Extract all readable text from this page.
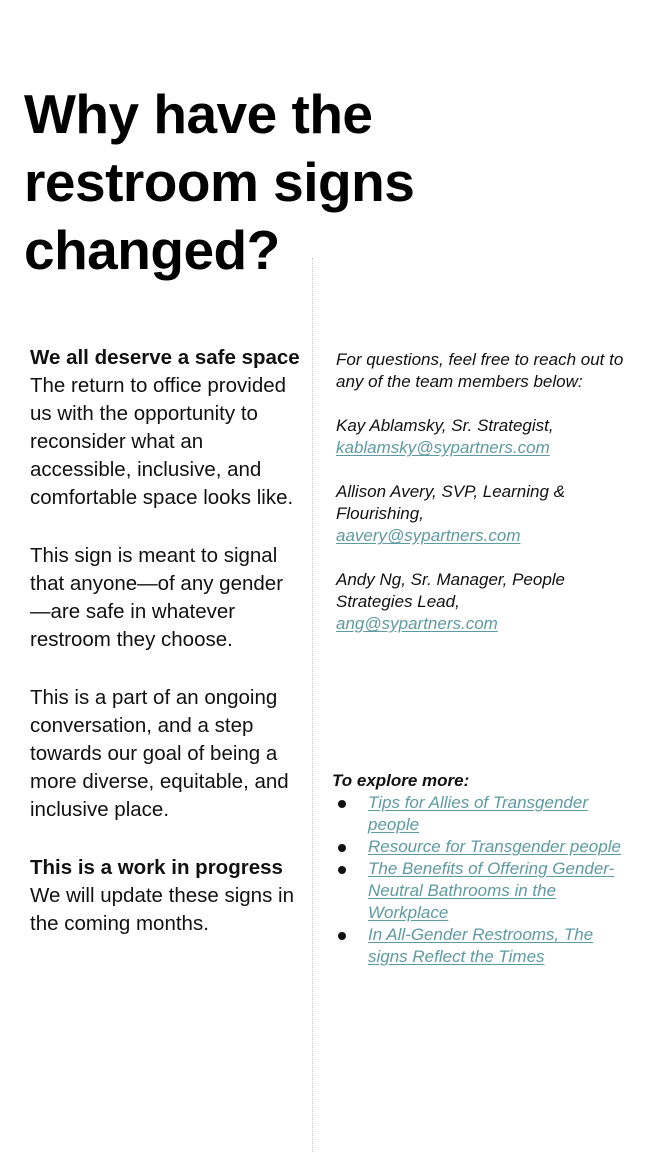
Why have the restroom signs changed?

We all deserve a safe space

The return to office provided us with the opportunity to reconsider what an accessible, inclusive, and comfortable space looks like.

This sign is meant to signal that anyone—of any gender—are safe in whatever restroom they choose.

This is a part of an ongoing conversation, and a step towards our goal of being a more diverse, equitable, and inclusive place.

This is a work in progress

We will update these signs in the coming months.

For questions, feel free to reach out to any of the team members below:

Kay Ablamsky, Sr. Strategist,
kablamsky@sypartners.com
Allison Avery, SVP, Learning & Flourishing,
aavery@sypartners.com
Andy Ng, Sr. Manager, People Strategies Lead,
ang@sypartners.com

To explore more:

Tips for Allies of Transgender people
Resource for Transgender people
The Benefits of Offering Gender-Neutral Bathrooms in the Workplace
In All-Gender Restrooms, The signs Reflect the Times
